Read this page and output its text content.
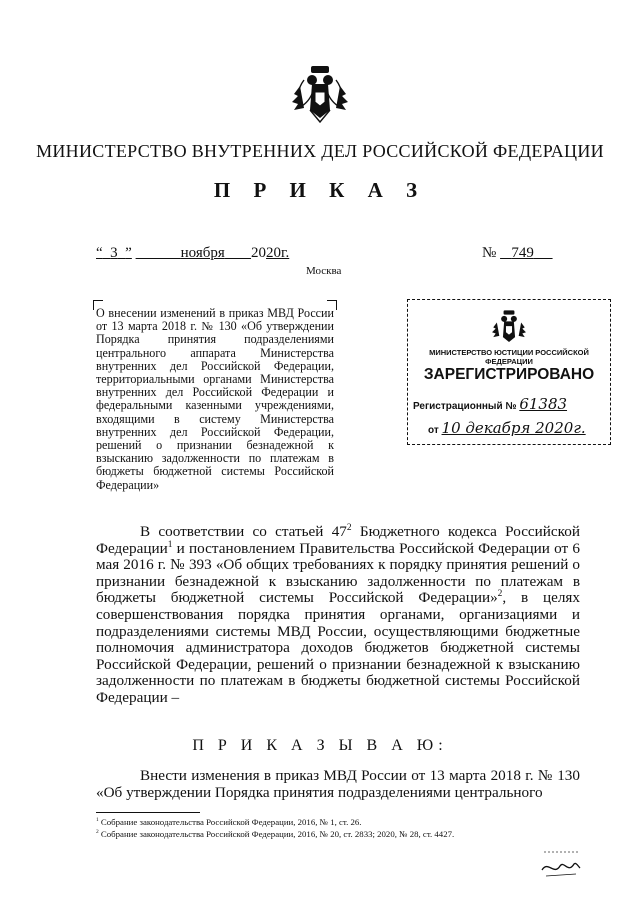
МИНИСТЕРСТВО ВНУТРЕННИХ ДЕЛ РОССИЙСКОЙ ФЕДЕРАЦИИ
П Р И К А З
“ 3 ”	ноября 2020г.
Москва
№ 749
О внесении изменений в приказ МВД России от 13 марта 2018 г. № 130 «Об утверждении Порядка принятия подразделениями центрального аппарата Министерства внутренних дел Российской Федерации, территориальными органами Министерства внутренних дел Российской Федерации и федеральными казенными учреждениями, входящими в систему Министерства внутренних дел Российской Федерации, решений о признании безнадежной к взысканию задолженности по платежам в бюджеты бюджетной системы Российской Федерации»
МИНИСТЕРСТВО ЮСТИЦИИ РОССИЙСКОЙ ФЕДЕРАЦИИ
ЗАРЕГИСТРИРОВАНО
Регистрационный № 61383
от 10 декабря 2020г.
В соответствии со статьей $47^2$ Бюджетного кодекса Российской Федерации$^1$ и постановлением Правительства Российской Федерации от 6 мая 2016 г. № 393 «Об общих требованиях к порядку принятия решений о признании безнадежной к взысканию задолженности по платежам в бюджеты бюджетной системы Российской Федерации»$^2$, в целях совершенствования порядка принятия органами, организациями и подразделениями системы МВД России, осуществляющими бюджетные полномочия администратора доходов бюджетов бюджетной системы Российской Федерации, решений о признании безнадежной к взысканию задолженности по платежам в бюджеты бюджетной системы Российской Федерации –
П Р И К А З Ы В А Ю:
Внести изменения в приказ МВД России от 13 марта 2018 г. № 130 «Об утверждении Порядка принятия подразделениями центрального
$^1$ Собрание законодательства Российской Федерации, 2016, № 1, ст. 26.
$^2$ Собрание законодательства Российской Федерации, 2016, № 20, ст. 2833; 2020, № 28, ст. 4427.
